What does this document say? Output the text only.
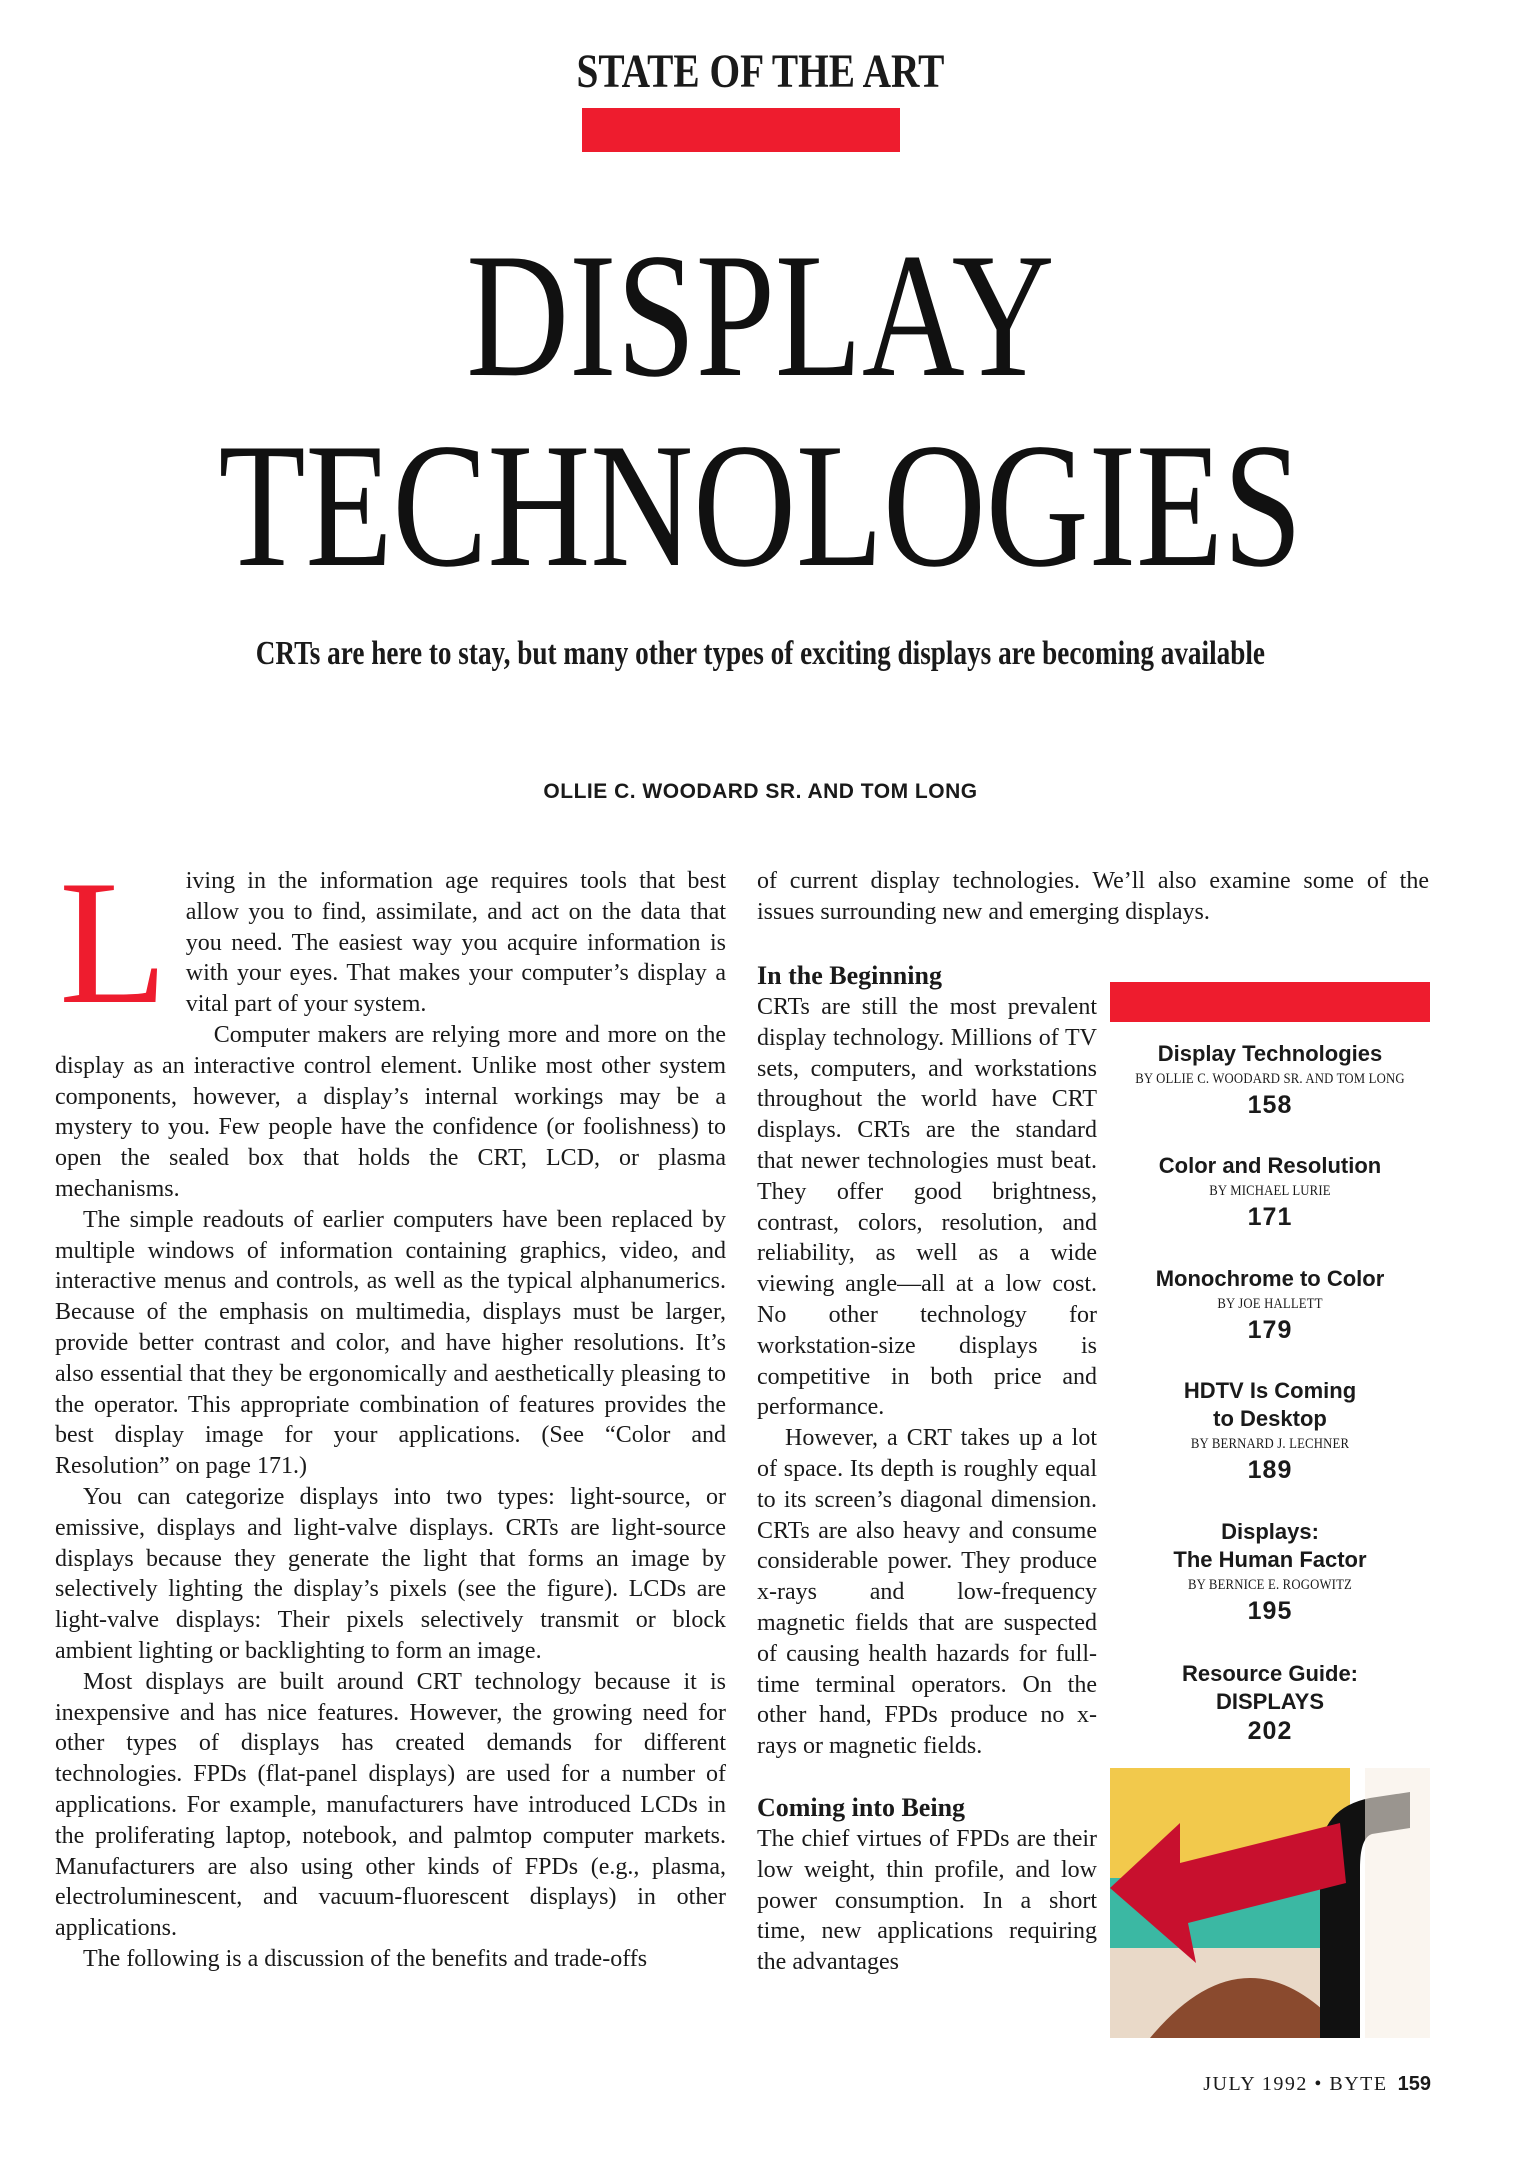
STATE OF THE ART
DISPLAY
TECHNOLOGIES
CRTs are here to stay, but many other types of exciting displays are becoming available
OLLIE C. WOODARD SR. AND TOM LONG
L iving in the information age requires tools that best allow you to find, assimilate, and act on the data that you need. The easiest way you acquire information is with your eyes. That makes your computer’s display a vital part of your system.

Computer makers are relying more and more on the display as an interactive control element. Unlike most other system components, however, a display’s internal workings may be a mystery to you. Few people have the confidence (or foolishness) to open the sealed box that holds the CRT, LCD, or plasma mechanisms.

The simple readouts of earlier computers have been replaced by multiple windows of information containing graphics, video, and interactive menus and controls, as well as the typical alphanumerics. Because of the emphasis on multimedia, displays must be larger, provide better contrast and color, and have higher resolutions. It’s also essential that they be ergonomically and aesthetically pleasing to the operator. This appropriate combination of features provides the best display image for your applications. (See “Color and Resolution” on page 171.)

You can categorize displays into two types: light-source, or emissive, displays and light-valve displays. CRTs are light-source displays because they generate the light that forms an image by selectively lighting the display’s pixels (see the figure). LCDs are light-valve displays: Their pixels selectively transmit or block ambient lighting or backlighting to form an image.

Most displays are built around CRT technology because it is inexpensive and has nice features. However, the growing need for other types of displays has created demands for different technologies. FPDs (flat-panel displays) are used for a number of applications. For example, manufacturers have introduced LCDs in the proliferating laptop, notebook, and palmtop computer markets. Manufacturers are also using other kinds of FPDs (e.g., plasma, electroluminescent, and vacuum-fluorescent displays) in other applications.

The following is a discussion of the benefits and trade-offs

of current display technologies. We’ll also examine some of the issues surrounding new and emerging displays.

In the Beginning

CRTs are still the most prevalent display technology. Millions of TV sets, computers, and workstations throughout the world have CRT displays. CRTs are the standard that newer technologies must beat. They offer good brightness, contrast, colors, resolution, and reliability, as well as a wide viewing angle—all at a low cost. No other technology for workstation-size displays is competitive in both price and performance.

However, a CRT takes up a lot of space. Its depth is roughly equal to its screen’s diagonal dimension. CRTs are also heavy and consume considerable power. They produce x-rays and low-frequency magnetic fields that are suspected of causing health hazards for full-time terminal operators. On the other hand, FPDs produce no x-rays or magnetic fields.

Coming into Being

The chief virtues of FPDs are their low weight, thin profile, and low power consumption. In a short time, new applications requiring the advantages

Display Technologies
BY OLLIE C. WOODARD SR. AND TOM LONG
158
Color and Resolution
BY MICHAEL LURIE
171
Monochrome to Color
BY JOE HALLETT
179
HDTV Is Coming
to Desktop
BY BERNARD J. LECHNER
189
Displays:
The Human Factor
BY BERNICE E. ROGOWITZ
195
Resource Guide:
DISPLAYS
202
JULY 1992 • BYTE 159
